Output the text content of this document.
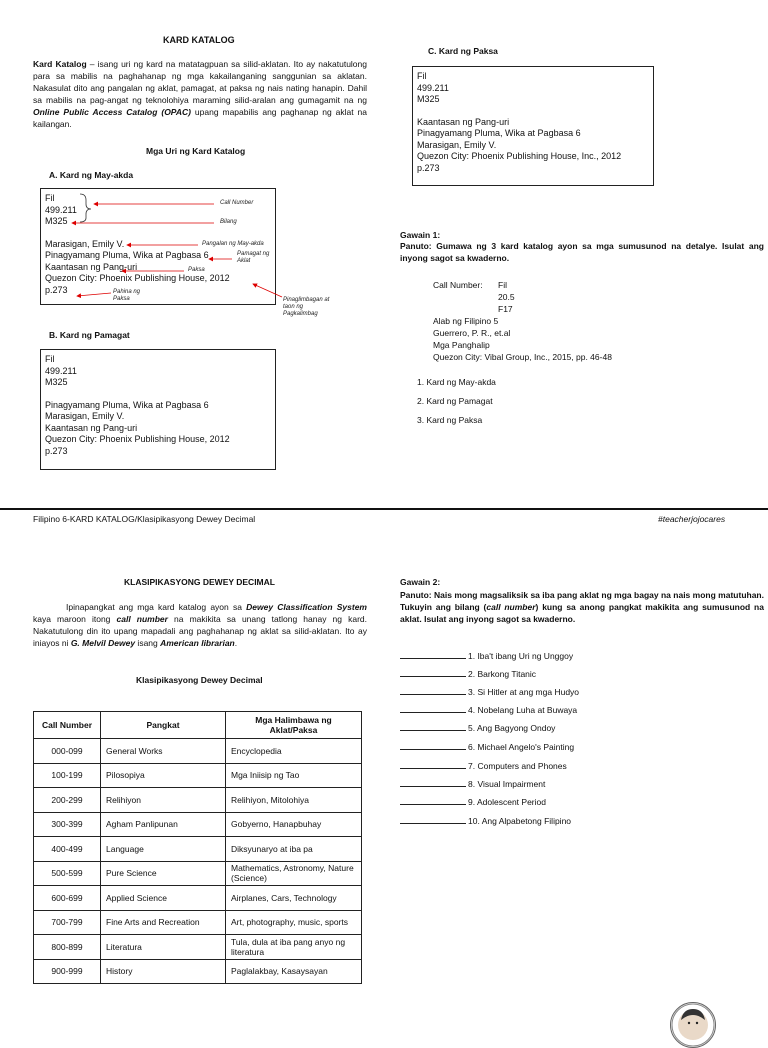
KARD KATALOG
Kard Katalog – isang uri ng kard na matatagpuan sa silid-aklatan. Ito ay nakatutulong para sa mabilis na paghahanap ng mga kakailanganing sanggunian sa aklatan. Nakasulat dito ang pangalan ng aklat, pamagat, at paksa ng nais nating hanapin. Dahil sa mabilis na pag-angat ng teknolohiya maraming silid-aralan ang gumagamit na ng Online Public Access Catalog (OPAC) upang mapabilis ang paghanap ng aklat na kailangan.
Mga Uri ng Kard Katalog
A. Kard ng May-akda
Fil
499.211
M325
Marasigan, Emily V.
Pinagyamang Pluma, Wika at Pagbasa 6
Kaantasan ng Pang-uri
Quezon City: Phoenix Publishing House, 2012
p.273
Call Number
Bilang
Pangalan ng May-akda
Pamagat ng Aklat
Paksa
Pahina ng Paksa	Pinaglimbagan at taon ng Pagkalimbag
B. Kard ng Pamagat
Fil
499.211
M325
Pinagyamang Pluma, Wika at Pagbasa 6
Marasigan, Emily V.
Kaantasan ng Pang-uri
Quezon City: Phoenix Publishing House, 2012
p.273
C. Kard ng Paksa
Fil
499.211
M325
Kaantasan ng Pang-uri
Pinagyamang Pluma, Wika at Pagbasa 6
Marasigan, Emily V.
Quezon City: Phoenix Publishing House, Inc., 2012
p.273
Gawain 1:
Panuto: Gumawa ng 3 kard katalog ayon sa mga sumusunod na detalye. Isulat ang inyong sagot sa kwaderno.
Call Number: Fil
20.5
F17
Alab ng Filipino 5
Guerrero, P. R., et.al
Mga Panghalip
Quezon City: Vibal Group, Inc., 2015, pp. 46-48
1. Kard ng May-akda
2. Kard ng Pamagat
3. Kard ng Paksa
Filipino 6-KARD KATALOG/Klasipikasyong Dewey Decimal	#teacherjojocares
KLASIPIKASYONG DEWEY DECIMAL
Ipinapangkat ang mga kard katalog ayon sa Dewey Classification System kaya maroon itong call number na makikita sa unang tatlong hanay ng kard. Nakatutulong din ito upang mapadali ang paghahanap ng aklat sa silid-aklatan. Ito ay iniayos ni G. Melvil Dewey isang American librarian.
Klasipikasyong Dewey Decimal
Call Number	Pangkat	Mga Halimbawa ng Aklat/Paksa
000-099	General Works	Encyclopedia
100-199	Pilosopiya	Mga Iniisip ng Tao
200-299	Relihiyon	Relihiyon, Mitolohiya
300-399	Agham Panlipunan	Gobyerno, Hanapbuhay
400-499	Language	Diksyunaryo at iba pa
500-599	Pure Science	Mathematics, Astronomy, Nature (Science)
600-699	Applied Science	Airplanes, Cars, Technology
700-799	Fine Arts and Recreation	Art, photography, music, sports
800-899	Literatura	Tula, dula at iba pang anyo ng literatura
900-999	History	Paglalakbay, Kasaysayan
Gawain 2:
Panuto: Nais mong magsaliksik sa iba pang aklat ng mga bagay na nais mong matutuhan. Tukuyin ang bilang (call number) kung sa anong pangkat makikita ang sumusunod na aklat. Isulat ang inyong sagot sa kwaderno.
1. Iba't ibang Uri ng Unggoy
2. Barkong Titanic
3. Si Hitler at ang mga Hudyo
4. Nobelang Luha at Buwaya
5. Ang Bagyong Ondoy
6. Michael Angelo's Painting
7. Computers and Phones
8. Visual Impairment
9. Adolescent Period
10. Ang Alpabetong Filipino
